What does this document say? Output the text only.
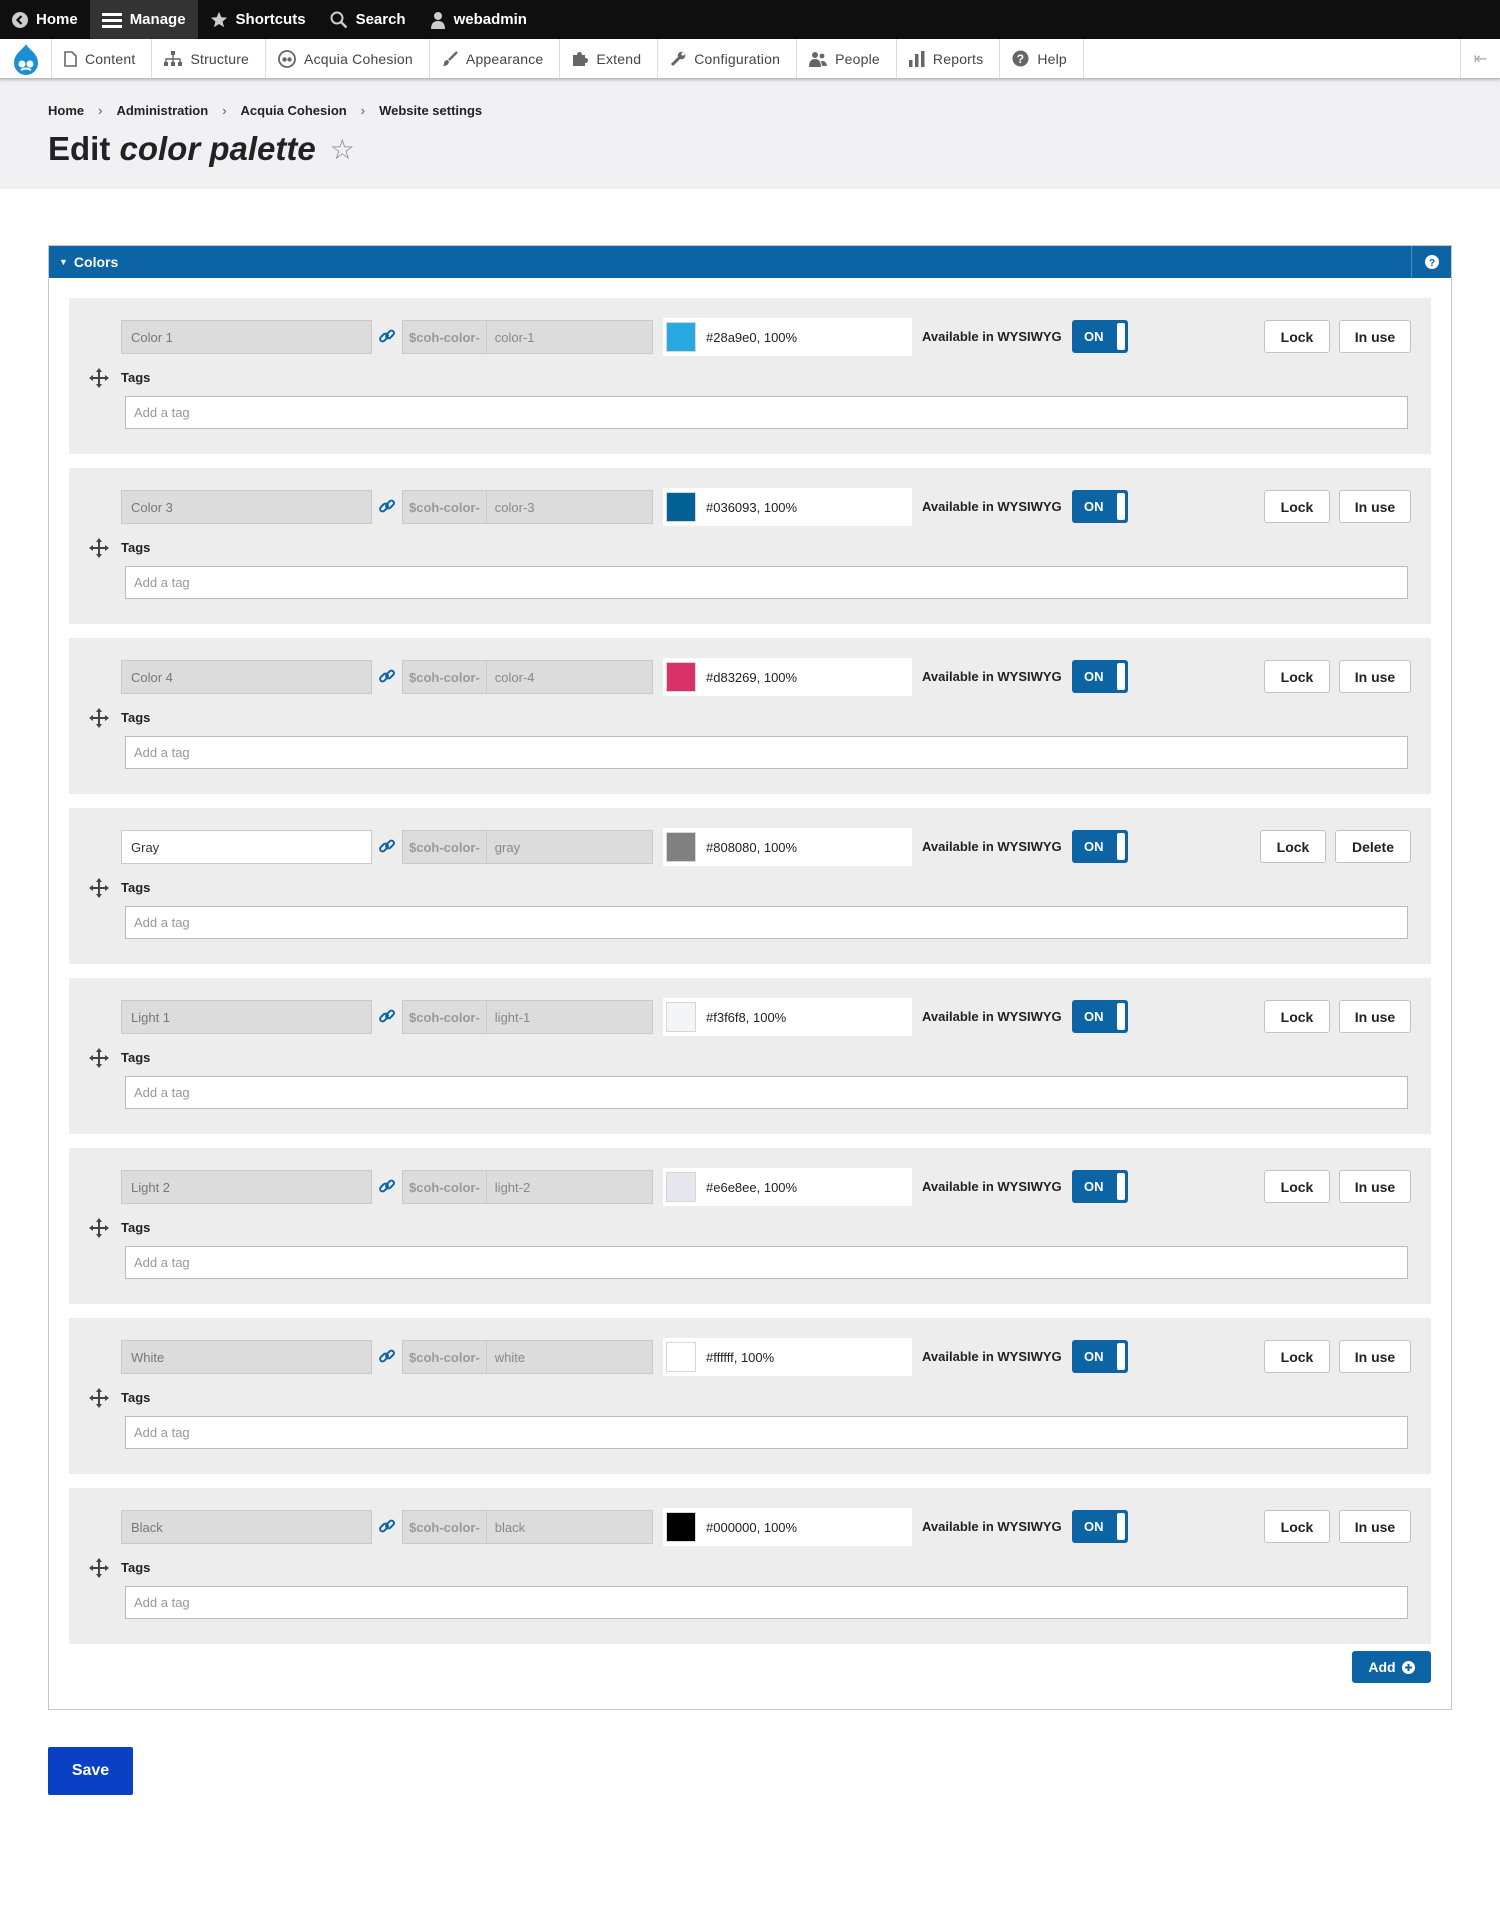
Home	Manage	Shortcuts	Search	webadmin
Content	Structure	Acquia Cohesion	Appearance	Extend	Configuration	People	Reports	? Help	⇤
Home › Administration › Acquia Cohesion › Website settings
Edit color palette ☆
▼ Colors	?
Color 1	$coh-color-	color-1	#28a9e0, 100%	Available in WYSIWYG ON	Lock	In use
Tags
Add a tag
Color 3	$coh-color-	color-3	#036093, 100%	Available in WYSIWYG ON	Lock	In use
Tags
Add a tag
Color 4	$coh-color-	color-4	#d83269, 100%	Available in WYSIWYG ON	Lock	In use
Tags
Add a tag
Gray	$coh-color-	gray	#808080, 100%	Available in WYSIWYG ON	Lock	Delete
Tags
Add a tag
Light 1	$coh-color-	light-1	#f3f6f8, 100%	Available in WYSIWYG ON	Lock	In use
Tags
Add a tag
Light 2	$coh-color-	light-2	#e6e8ee, 100%	Available in WYSIWYG ON	Lock	In use
Tags
Add a tag
White	$coh-color-	white	#ffffff, 100%	Available in WYSIWYG ON	Lock	In use
Tags
Add a tag
Black	$coh-color-	black	#000000, 100%	Available in WYSIWYG ON	Lock	In use
Tags
Add a tag
Add
Save
